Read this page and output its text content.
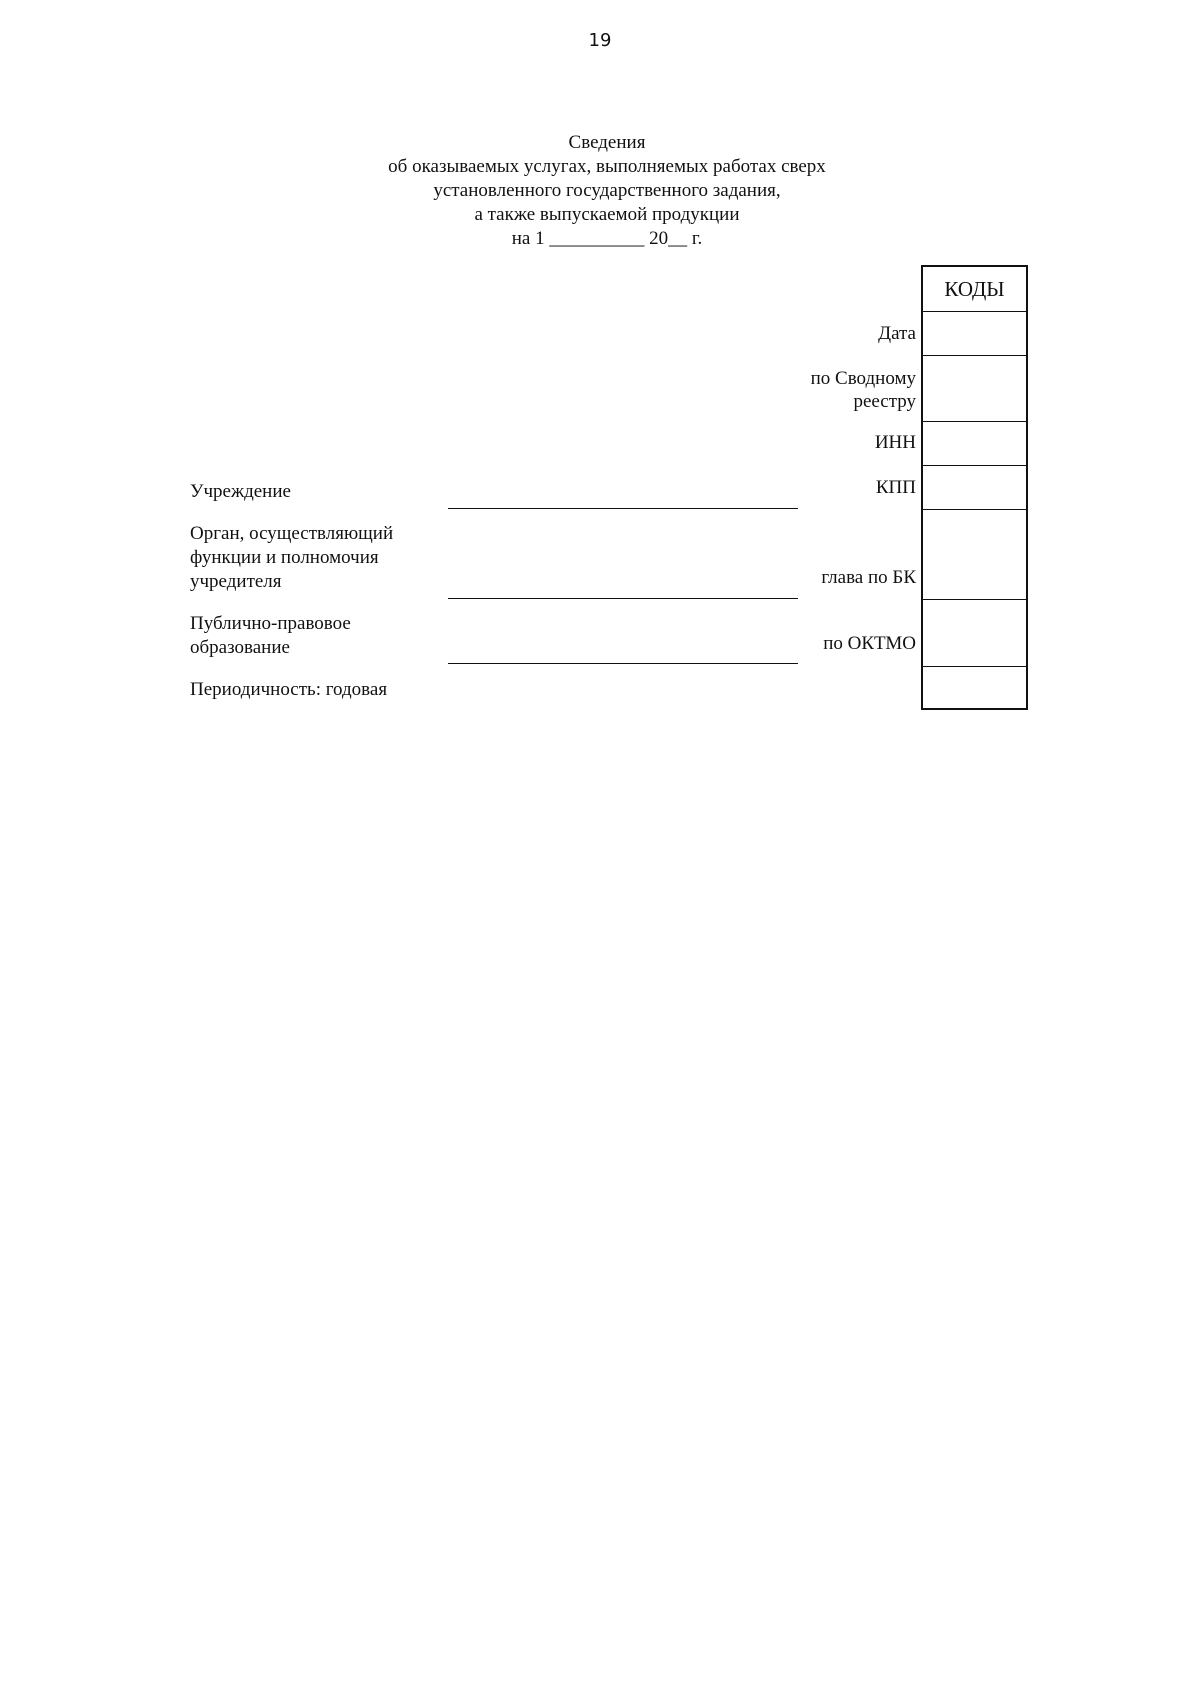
19
Сведения
об оказываемых услугах, выполняемых работах сверх
установленного государственного задания,
а также выпускаемой продукции
на 1 __________ 20__ г.
КОДЫ
Дата
по Сводному
реестру
ИНН
КПП
глава по БК
по ОКТМО
Учреждение
Орган, осуществляющий
функции и полномочия
учредителя
Публично-правовое
образование
Периодичность: годовая
